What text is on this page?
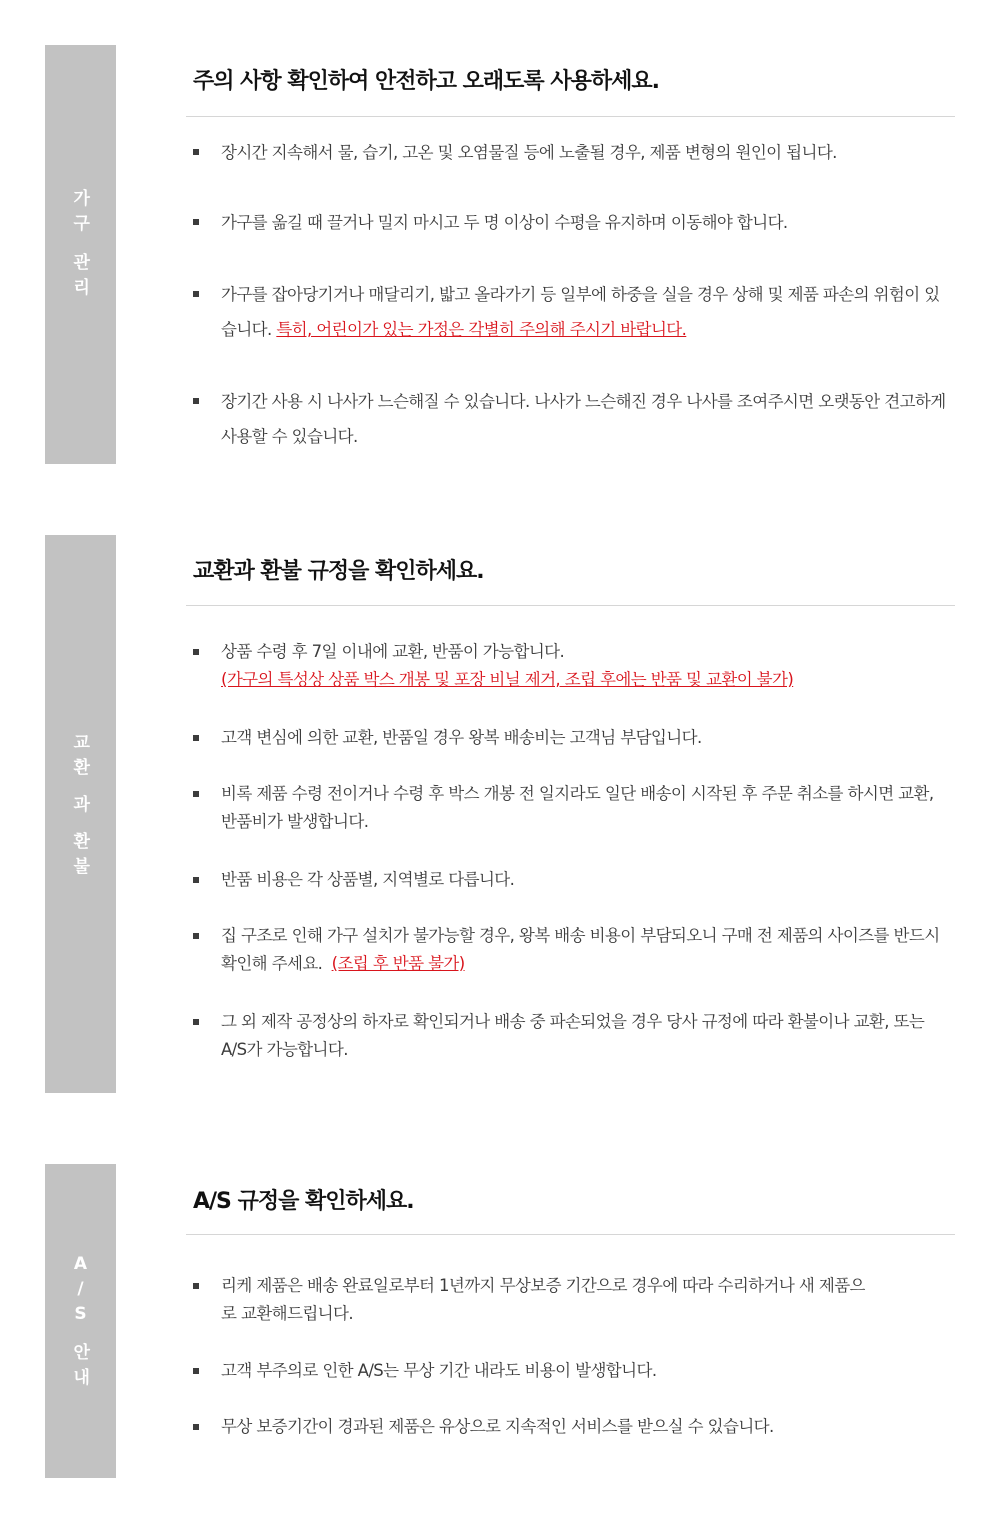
가 구
관 리
주의 사항 확인하여 안전하고 오래도록 사용하세요.
장시간 지속해서 물, 습기, 고온 및 오염물질 등에 노출될 경우, 제품 변형의 원인이 됩니다.
가구를 옮길 때 끌거나 밀지 마시고 두 명 이상이 수평을 유지하며 이동해야 합니다.
가구를 잡아당기거나 매달리기, 밟고 올라가기 등 일부에 하중을 실을 경우 상해 및 제품 파손의 위험이 있습니다. 특히, 어린이가 있는 가정은 각별히 주의해 주시기 바랍니다.
장기간 사용 시 나사가 느슨해질 수 있습니다. 나사가 느슨해진 경우 나사를 조여주시면 오랫동안 견고하게 사용할 수 있습니다.
교 환
과
환 불
교환과 환불 규정을 확인하세요.
상품 수령 후 7일 이내에 교환, 반품이 가능합니다.
(가구의 특성상 상품 박스 개봉 및 포장 비닐 제거, 조립 후에는 반품 및 교환이 불가)
고객 변심에 의한 교환, 반품일 경우 왕복 배송비는 고객님 부담입니다.
비록 제품 수령 전이거나 수령 후 박스 개봉 전 일지라도 일단 배송이 시작된 후 주문 취소를 하시면 교환, 반품비가 발생합니다.
반품 비용은 각 상품별, 지역별로 다릅니다.
집 구조로 인해 가구 설치가 불가능할 경우, 왕복 배송 비용이 부담되오니 구매 전 제품의 사이즈를 반드시 확인해 주세요. (조립 후 반품 불가)
그 외 제작 공정상의 하자로 확인되거나 배송 중 파손되었을 경우 당사 규정에 따라 환불이나 교환, 또는 A/S가 가능합니다.
A / S
안 내
A/S 규정을 확인하세요.
리케 제품은 배송 완료일로부터 1년까지 무상보증 기간으로 경우에 따라 수리하거나 새 제품으로 교환해드립니다.
고객 부주의로 인한 A/S는 무상 기간 내라도 비용이 발생합니다.
무상 보증기간이 경과된 제품은 유상으로 지속적인 서비스를 받으실 수 있습니다.
